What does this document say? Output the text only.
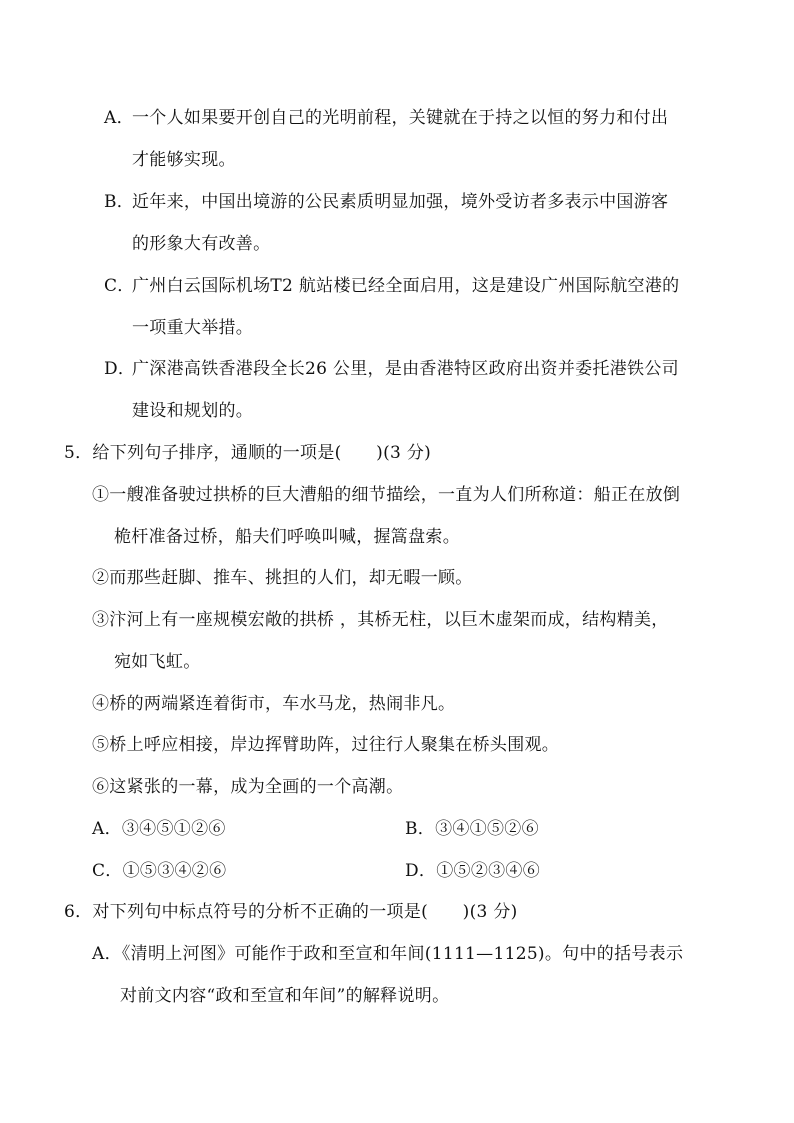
A．一个人如果要开创自己的光明前程，关键就在于持之以恒的努力和付出
才能够实现。
B．近年来，中国出境游的公民素质明显加强，境外受访者多表示中国游客
的形象大有改善。
C．广州白云国际机场T2 航站楼已经全面启用，这是建设广州国际航空港的
一项重大举措。
D．广深港高铁香港段全长26 公里，是由香港特区政府出资并委托港铁公司
建设和规划的。
5．给下列句子排序，通顺的一项是(　　)(3 分)
①一艘准备驶过拱桥的巨大漕船的细节描绘，一直为人们所称道：船正在放倒
桅杆准备过桥，船夫们呼唤叫喊，握篙盘索。
②而那些赶脚、推车、挑担的人们，却无暇一顾。
③汴河上有一座规模宏敞的拱桥 ，其桥无柱，以巨木虚架而成，结构精美，
宛如飞虹。
④桥的两端紧连着街市，车水马龙，热闹非凡。
⑤桥上呼应相接，岸边挥臂助阵，过往行人聚集在桥头围观。
⑥这紧张的一幕，成为全画的一个高潮。
A．③④⑤①②⑥	B．③④①⑤②⑥
C．①⑤③④②⑥	D．①⑤②③④⑥
6．对下列句中标点符号的分析不正确的一项是(　　)(3 分)
A．《清明上河图》可能作于政和至宣和年间(1111—1125)。句中的括号表示
对前文内容“政和至宣和年间”的解释说明。
